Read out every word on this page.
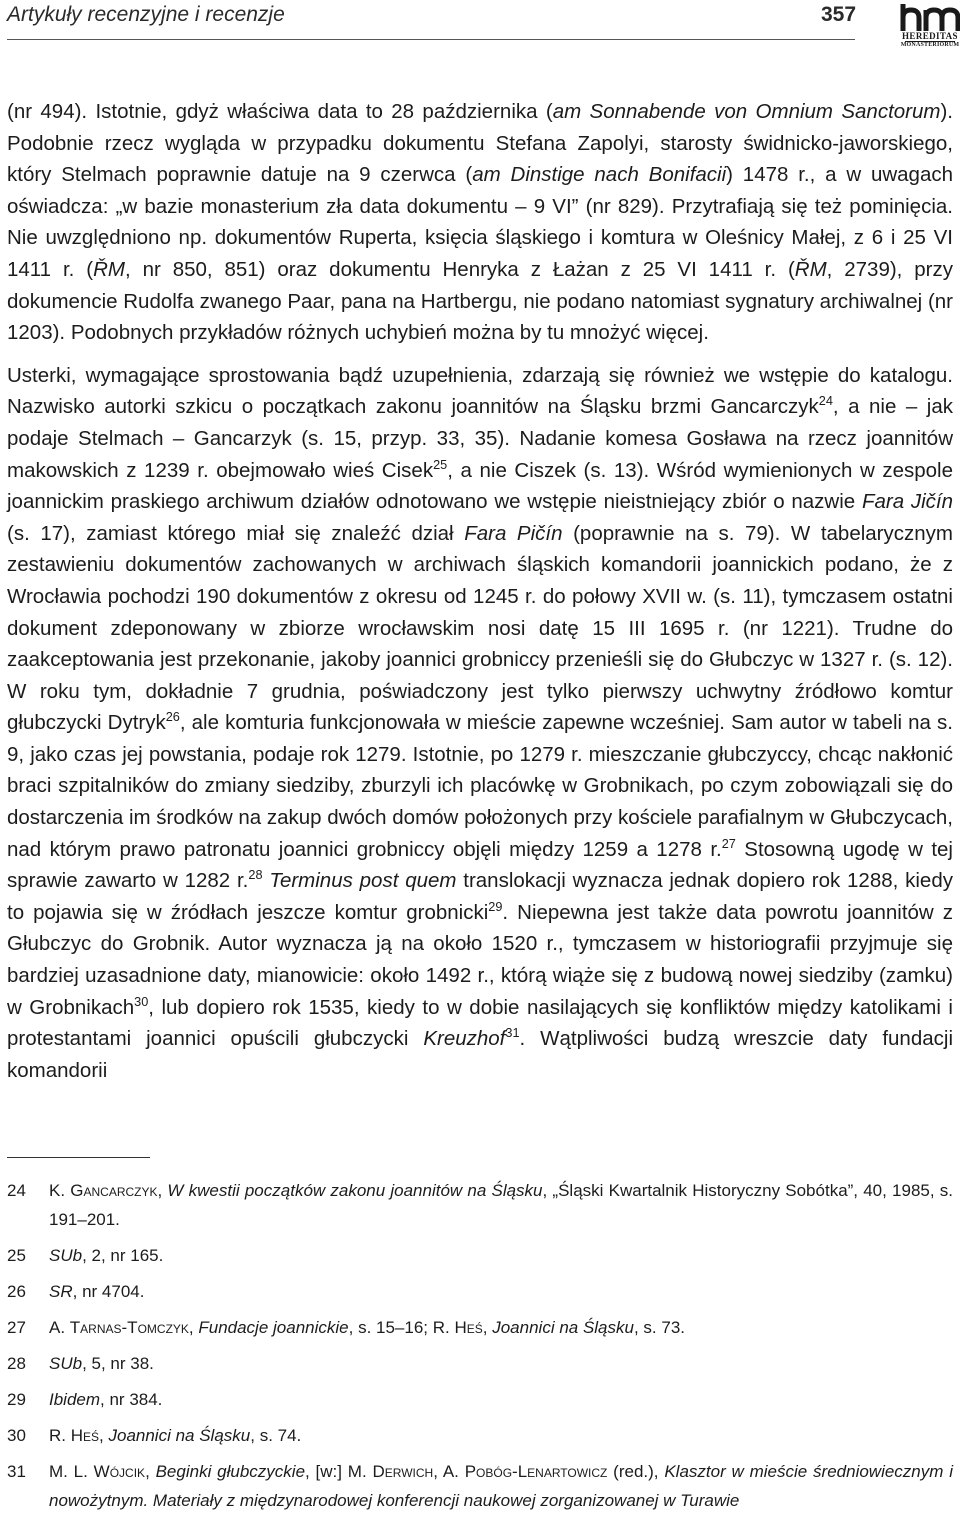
Artykuły recenzyjne i recenzje	357
HEREDITAS
MONASTERIORUM

(nr 494). Istotnie, gdyż właściwa data to 28 października (am Sonnabende von Omnium Sanctorum). Podobnie rzecz wygląda w przypadku dokumentu Stefana Zapolyi, starosty świdnicko-jaworskiego, który Stelmach poprawnie datuje na 9 czerwca (am Dinstige nach Bonifacii) 1478 r., a w uwagach oświadcza: „w bazie monasterium zła data dokumentu – 9 VI” (nr 829). Przytrafiają się też pominięcia. Nie uwzględniono np. dokumentów Ruperta, księcia śląskiego i komtura w Oleśnicy Małej, z 6 i 25 VI 1411 r. (ŘM, nr 850, 851) oraz dokumentu Henryka z Łażan z 25 VI 1411 r. (ŘM, 2739), przy dokumencie Rudolfa zwanego Paar, pana na Hartbergu, nie podano natomiast sygnatury archiwalnej (nr 1203). Podobnych przykładów różnych uchybień można by tu mnożyć więcej.

Usterki, wymagające sprostowania bądź uzupełnienia, zdarzają się również we wstępie do katalogu. Nazwisko autorki szkicu o początkach zakonu joannitów na Śląsku brzmi Gancarczyk$^{24}$, a nie – jak podaje Stelmach – Gancarzyk (s. 15, przyp. 33, 35). Nadanie komesa Gosława na rzecz joannitów makowskich z 1239 r. obejmowało wieś Cisek$^{25}$, a nie Ciszek (s. 13). Wśród wymienionych w zespole joannickim praskiego archiwum działów odnotowano we wstępie nieistniejący zbiór o nazwie Fara Jičín (s. 17), zamiast którego miał się znaleźć dział Fara Pičín (poprawnie na s. 79). W tabelarycznym zestawieniu dokumentów zachowanych w archiwach śląskich komandorii joannickich podano, że z Wrocławia pochodzi 190 dokumentów z okresu od 1245 r. do połowy XVII w. (s. 11), tymczasem ostatni dokument zdeponowany w zbiorze wrocławskim nosi datę 15 III 1695 r. (nr 1221). Trudne do zaakceptowania jest przekonanie, jakoby joannici grobniccy przenieśli się do Głubczyc w 1327 r. (s. 12). W roku tym, dokładnie 7 grudnia, poświadczony jest tylko pierwszy uchwytny źródłowo komtur głubczycki Dytryk$^{26}$, ale komturia funkcjonowała w mieście zapewne wcześniej. Sam autor w tabeli na s. 9, jako czas jej powstania, podaje rok 1279. Istotnie, po 1279 r. mieszczanie głubczyccy, chcąc nakłonić braci szpitalników do zmiany siedziby, zburzyli ich placówkę w Grobnikach, po czym zobowiązali się do dostarczenia im środków na zakup dwóch domów położonych przy kościele parafialnym w Głubczycach, nad którym prawo patronatu joannici grobniccy objęli między 1259 a 1278 r.$^{27}$ Stosowną ugodę w tej sprawie zawarto w 1282 r.$^{28}$ Terminus post quem translokacji wyznacza jednak dopiero rok 1288, kiedy to pojawia się w źródłach jeszcze komtur grobnicki$^{29}$. Niepewna jest także data powrotu joannitów z Głubczyc do Grobnik. Autor wyznacza ją na około 1520 r., tymczasem w historiografii przyjmuje się bardziej uzasadnione daty, mianowicie: około 1492 r., którą wiąże się z budową nowej siedziby (zamku) w Grobnikach$^{30}$, lub dopiero rok 1535, kiedy to w dobie nasilających się konfliktów między katolikami i protestantami joannici opuścili głubczycki Kreuzhof$^{31}$. Wątpliwości budzą wreszcie daty fundacji komandorii

24 K. Gancarczyk, W kwestii początków zakonu joannitów na Śląsku, „Śląski Kwartalnik Historyczny Sobótka”, 40, 1985, s. 191–201.
25 SUb, 2, nr 165.
26 SR, nr 4704.
27 A. Tarnas-Tomczyk, Fundacje joannickie, s. 15–16; R. Heś, Joannici na Śląsku, s. 73.
28 SUb, 5, nr 38.
29 Ibidem, nr 384.
30 R. Heś, Joannici na Śląsku, s. 74.
31 M. L. Wójcik, Beginki głubczyckie, [w:] M. Derwich, A. Pobóg-Lenartowicz (red.), Klasztor w mieście średniowiecznym i nowożytnym. Materiały z międzynarodowej konferencji naukowej zorganizowanej w Turawie
